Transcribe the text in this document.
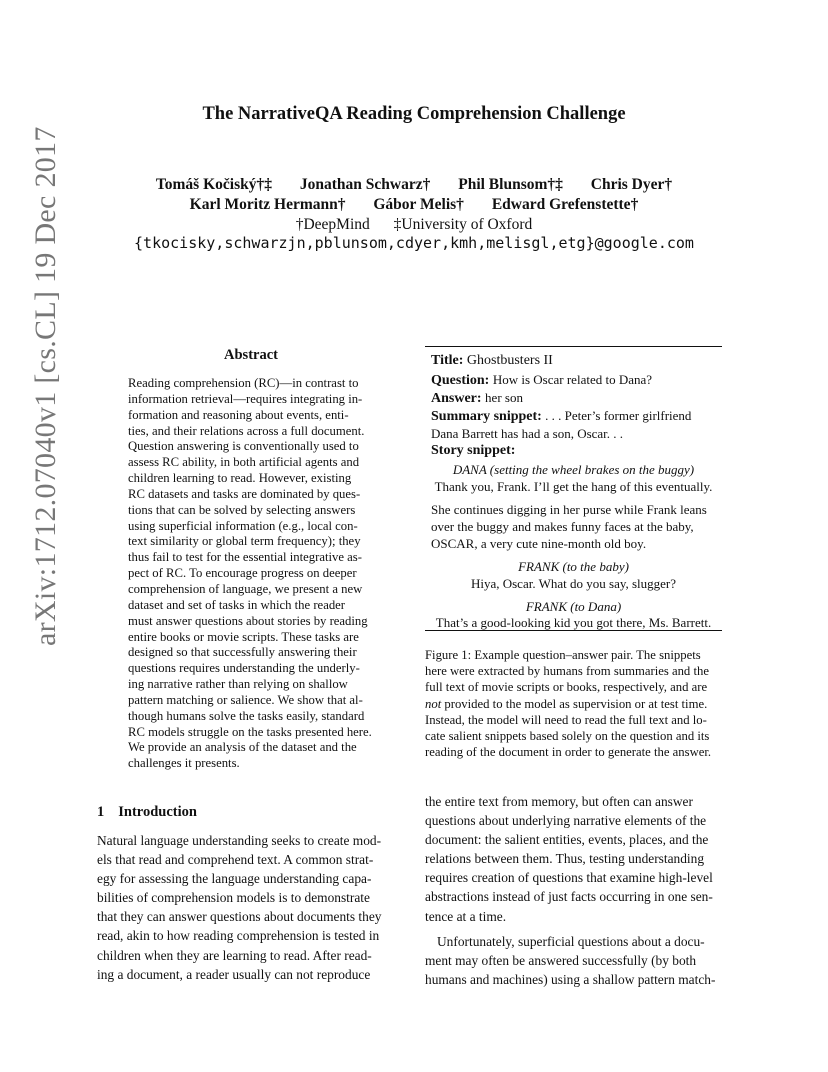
The NarrativeQA Reading Comprehension Challenge
Tomáš Kočiský†‡ Jonathan Schwarz† Phil Blunsom†‡ Chris Dyer†
Karl Moritz Hermann† Gábor Melis† Edward Grefenstette†
†DeepMind ‡University of Oxford
{tkocisky,schwarzjn,pblunsom,cdyer,kmh,melisgl,etg}@google.com
arXiv:1712.07040v1 [cs.CL] 19 Dec 2017	Abstract
Reading comprehension (RC)—in contrast to
information retrieval—requires integrating in-
formation and reasoning about events, enti-
ties, and their relations across a full document.
Question answering is conventionally used to
assess RC ability, in both artificial agents and
children learning to read. However, existing
RC datasets and tasks are dominated by ques-
tions that can be solved by selecting answers
using superficial information (e.g., local con-
text similarity or global term frequency); they
thus fail to test for the essential integrative as-
pect of RC. To encourage progress on deeper
comprehension of language, we present a new
dataset and set of tasks in which the reader
must answer questions about stories by reading
entire books or movie scripts. These tasks are
designed so that successfully answering their
questions requires understanding the underly-
ing narrative rather than relying on shallow
pattern matching or salience. We show that al-
though humans solve the tasks easily, standard
RC models struggle on the tasks presented here.
We provide an analysis of the dataset and the
challenges it presents.
Title: Ghostbusters II
Question: How is Oscar related to Dana?
Answer: her son
Summary snippet: . . . Peter’s former girlfriend
Dana Barrett has had a son, Oscar. . .
Story snippet:
DANA (setting the wheel brakes on the buggy)
Thank you, Frank. I’ll get the hang of this eventually.
She continues digging in her purse while Frank leans
over the buggy and makes funny faces at the baby,
OSCAR, a very cute nine-month old boy.
FRANK (to the baby)
Hiya, Oscar. What do you say, slugger?
FRANK (to Dana)
That’s a good-looking kid you got there, Ms. Barrett.
Figure 1: Example question–answer pair. The snippets
here were extracted by humans from summaries and the
full text of movie scripts or books, respectively, and are
not provided to the model as supervision or at test time.
Instead, the model will need to read the full text and lo-
cate salient snippets based solely on the question and its
reading of the document in order to generate the answer.
1 Introduction
Natural language understanding seeks to create mod-
els that read and comprehend text. A common strat-
egy for assessing the language understanding capa-
bilities of comprehension models is to demonstrate
that they can answer questions about documents they
read, akin to how reading comprehension is tested in
children when they are learning to read. After read-
ing a document, a reader usually can not reproduce
the entire text from memory, but often can answer
questions about underlying narrative elements of the
document: the salient entities, events, places, and the
relations between them. Thus, testing understanding
requires creation of questions that examine high-level
abstractions instead of just facts occurring in one sen-
tence at a time.
Unfortunately, superficial questions about a docu-
ment may often be answered successfully (by both
humans and machines) using a shallow pattern match-
